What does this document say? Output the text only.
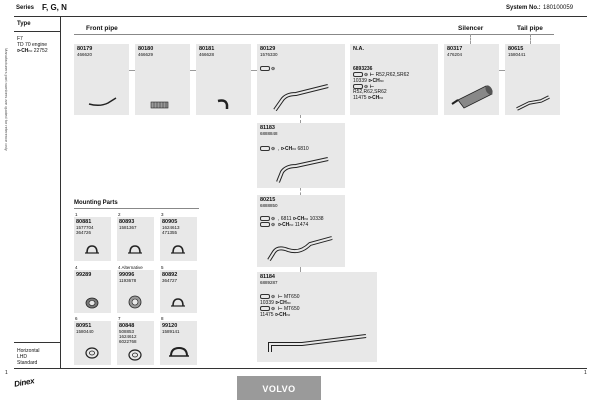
Series F, G, N	System No.: 180100059
Type
F7
TD 70 engine
⊳CHno 22752
Manufacturers part numbers are quoted for reference only
Horizontal
LHD
Standard
1
Front pipe	Silencer	Tail pipe
80179
466620
80180
466629
80181
466628
80129
1576330
⊙
N.A.
6893236
⊙ ⊢ R52,R62,SR62
10339 ⊳CHno
⊙ ⊢
R52,R62,SR62
11475 ⊳CHno
80317
476204
80615
1580441
81183
6888848
⊙  , ⊳CHno 6810
80215
6888850
⊙  , 6811 ⊳CHno 10338
⊙ ⊳CHno 11474
81184
6889287
⊙ ⊢ MT650
10339 ⊳CHno
⊙ ⊢ MT650
11475 ⊳CHno
Mounting Parts
1
80881
1577704
364726
2
80893
1581367
3
80905
1624613
471355
4
99289
4 Alternative
99096
1193678
5
80892
364727
6
80951
1580440
7
80848
508853
1624612
6022768
8
99120
1589141
Dinex
VOLVO
1
